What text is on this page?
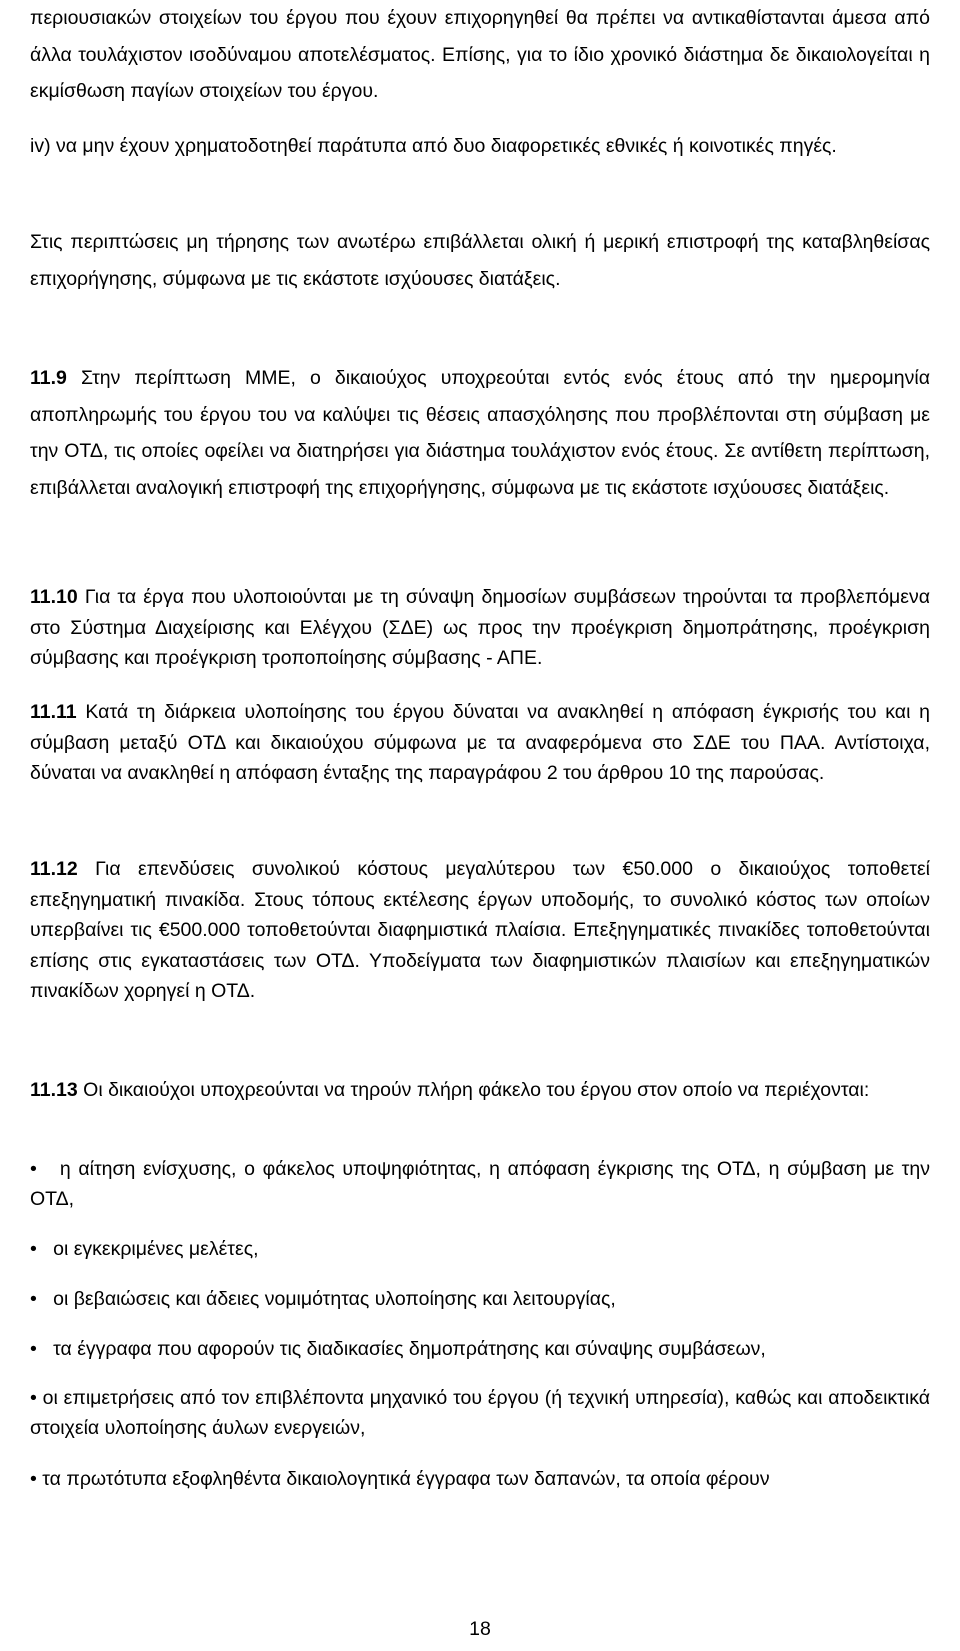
περιουσιακών στοιχείων του έργου που έχουν επιχορηγηθεί θα πρέπει να αντικαθίστανται άμεσα από άλλα τουλάχιστον ισοδύναμου αποτελέσματος. Επίσης, για το ίδιο χρονικό διάστημα δε δικαιολογείται η εκμίσθωση παγίων στοιχείων του έργου.

iv) να μην έχουν χρηματοδοτηθεί παράτυπα από δυο διαφορετικές εθνικές ή κοινοτικές πηγές.

Στις περιπτώσεις μη τήρησης των ανωτέρω επιβάλλεται ολική ή μερική επιστροφή της καταβληθείσας επιχορήγησης, σύμφωνα με τις εκάστοτε ισχύουσες διατάξεις.

11.9 Στην περίπτωση ΜΜΕ, ο δικαιούχος υποχρεούται εντός ενός έτους από την ημερομηνία αποπληρωμής του έργου του να καλύψει τις θέσεις απασχόλησης που προβλέπονται στη σύμβαση με την ΟΤΔ, τις οποίες οφείλει να διατηρήσει για διάστημα τουλάχιστον ενός έτους. Σε αντίθετη περίπτωση, επιβάλλεται αναλογική επιστροφή της επιχορήγησης, σύμφωνα με τις εκάστοτε ισχύουσες διατάξεις.

11.10 Για τα έργα που υλοποιούνται με τη σύναψη δημοσίων συμβάσεων τηρούνται τα προβλεπόμενα στο Σύστημα Διαχείρισης και Ελέγχου (ΣΔΕ) ως προς την προέγκριση δημοπράτησης, προέγκριση σύμβασης και προέγκριση τροποποίησης σύμβασης - ΑΠΕ.

11.11 Κατά τη διάρκεια υλοποίησης του έργου δύναται να ανακληθεί η απόφαση έγκρισής του και η σύμβαση μεταξύ ΟΤΔ και δικαιούχου σύμφωνα με τα αναφερόμενα στο ΣΔΕ του ΠΑΑ. Αντίστοιχα, δύναται να ανακληθεί η απόφαση ένταξης της παραγράφου 2 του άρθρου 10 της παρούσας.

11.12 Για επενδύσεις συνολικού κόστους μεγαλύτερου των €50.000 ο δικαιούχος τοποθετεί επεξηγηματική πινακίδα. Στους τόπους εκτέλεσης έργων υποδομής, το συνολικό κόστος των οποίων υπερβαίνει τις €500.000 τοποθετούνται διαφημιστικά πλαίσια. Επεξηγηματικές πινακίδες τοποθετούνται επίσης στις εγκαταστάσεις των ΟΤΔ. Υποδείγματα των διαφημιστικών πλαισίων και επεξηγηματικών πινακίδων χορηγεί η ΟΤΔ.

11.13 Οι δικαιούχοι υποχρεούνται να τηρούν πλήρη φάκελο του έργου στον οποίο να περιέχονται:

• η αίτηση ενίσχυσης, ο φάκελος υποψηφιότητας, η απόφαση έγκρισης της ΟΤΔ, η σύμβαση με την ΟΤΔ,

• οι εγκεκριμένες μελέτες,

• οι βεβαιώσεις και άδειες νομιμότητας υλοποίησης και λειτουργίας,

• τα έγγραφα που αφορούν τις διαδικασίες δημοπράτησης και σύναψης συμβάσεων,

• οι επιμετρήσεις από τον επιβλέποντα μηχανικό του έργου (ή τεχνική υπηρεσία), καθώς και αποδεικτικά στοιχεία υλοποίησης άυλων ενεργειών,

• τα πρωτότυπα εξοφληθέντα δικαιολογητικά έγγραφα των δαπανών, τα οποία φέρουν

18
